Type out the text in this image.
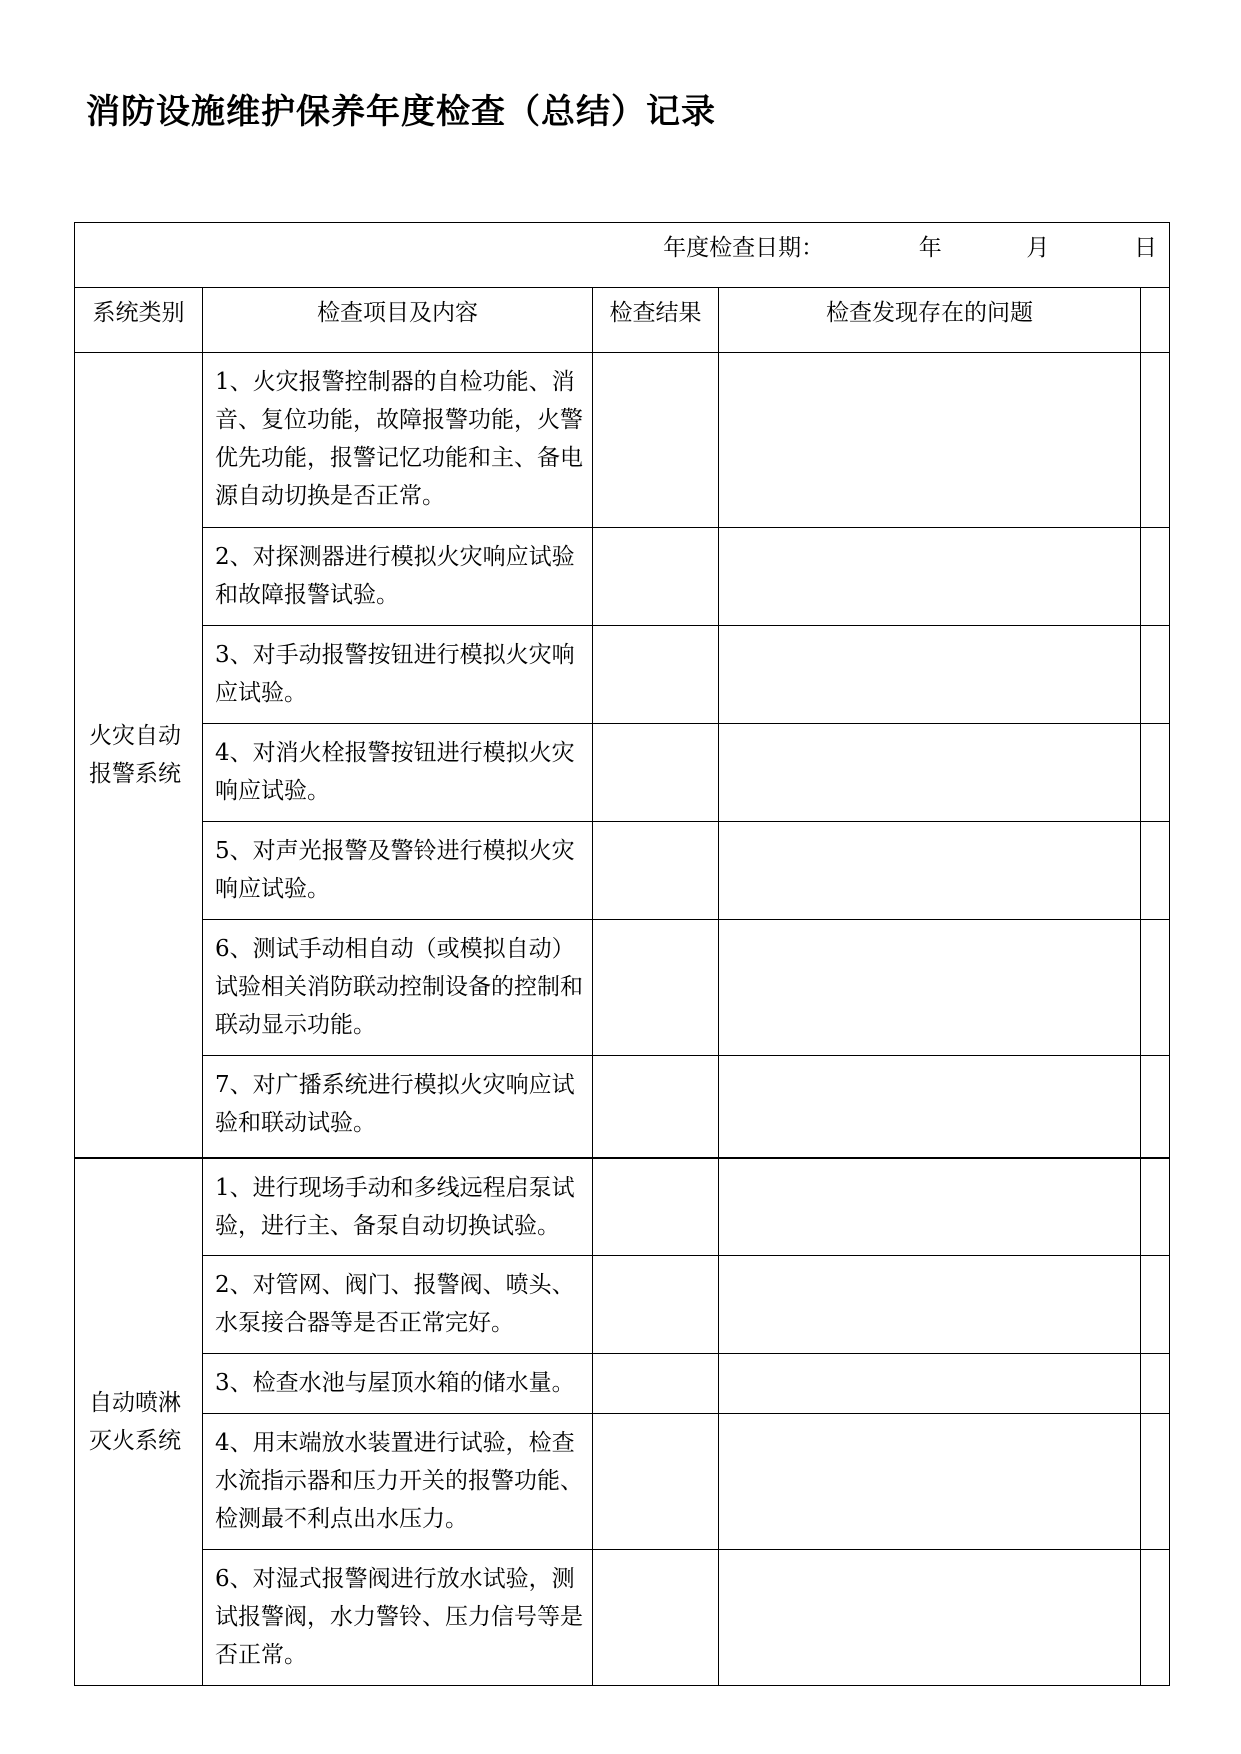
消防设施维护保养年度检查（总结）记录
年度检查日期： 年 月 日				
系统类别	检查项目及内容	检查结果	检查发现存在的问题	
火灾自动报警系统	1、火灾报警控制器的自检功能、消音、复位功能，故障报警功能，火警优先功能，报警记忆功能和主、备电源自动切换是否正常。			
	2、对探测器进行模拟火灾响应试验和故障报警试验。			
	3、对手动报警按钮进行模拟火灾响应试验。			
	4、对消火栓报警按钮进行模拟火灾响应试验。			
	5、对声光报警及警铃进行模拟火灾响应试验。			
	6、测试手动相自动（或模拟自动）试验相关消防联动控制设备的控制和联动显示功能。			
	7、对广播系统进行模拟火灾响应试验和联动试验。			
自动喷淋灭火系统	1、进行现场手动和多线远程启泵试验，进行主、备泵自动切换试验。			
	2、对管网、阀门、报警阀、喷头、水泵接合器等是否正常完好。			
	3、检查水池与屋顶水箱的储水量。			
	4、用末端放水装置进行试验，检查水流指示器和压力开关的报警功能、检测最不利点出水压力。			
	6、对湿式报警阀进行放水试验，测试报警阀，水力警铃、压力信号等是否正常。			
